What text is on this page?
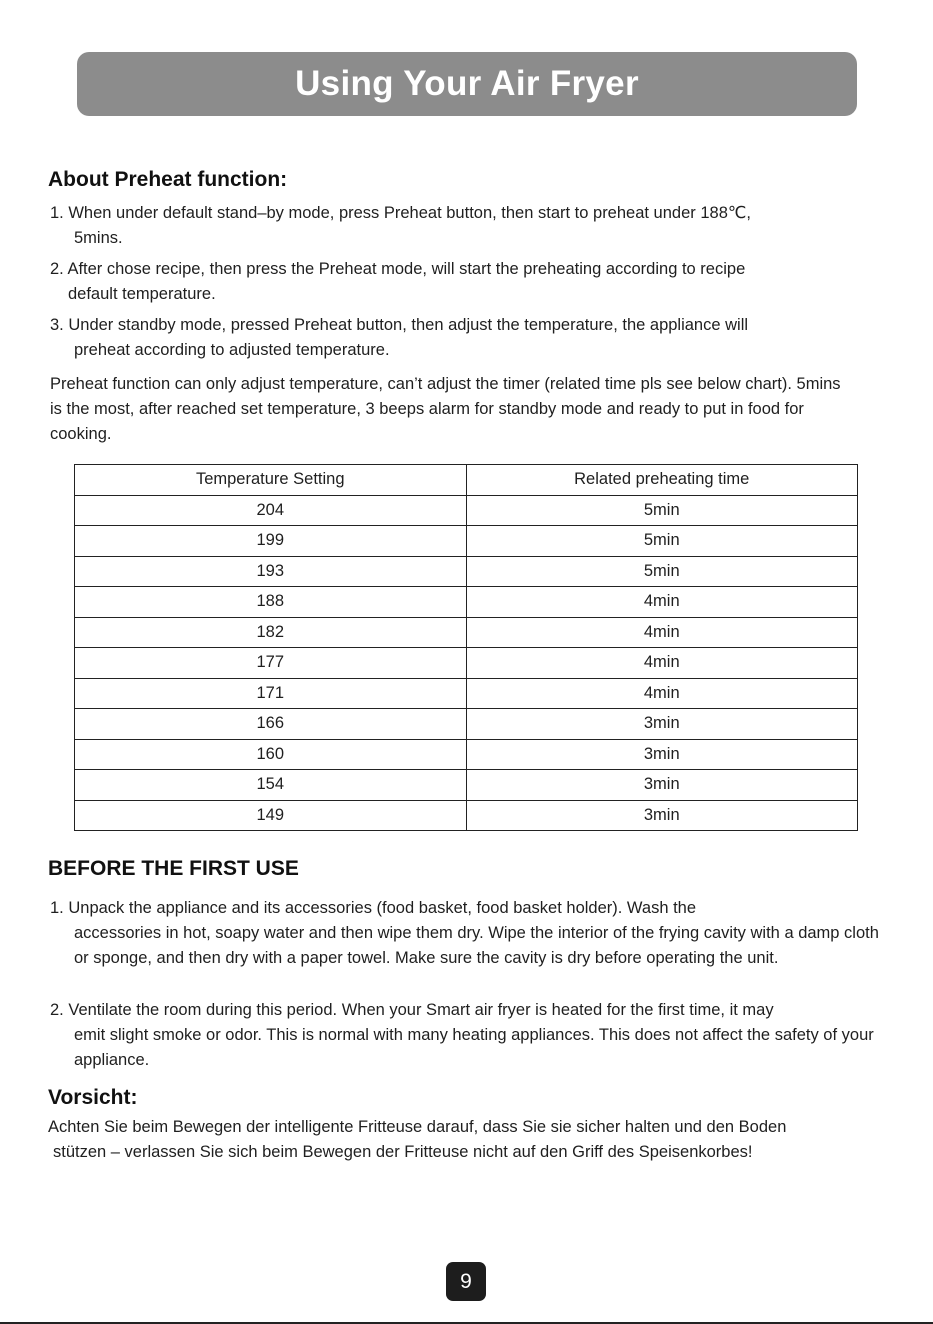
Using Your Air Fryer
About Preheat function:
1. When under default stand–by mode, press Preheat button, then start to preheat under 188℃,
5mins.
2. After chose recipe, then press the Preheat mode, will start the preheating according to recipe
default temperature.
3. Under standby mode, pressed Preheat button, then adjust the temperature, the appliance will
preheat according to adjusted temperature.

Preheat function can only adjust temperature, can’t adjust the timer (related time pls see below chart). 5mins is the most, after reached set temperature, 3 beeps alarm for standby mode and ready to put in food for cooking.

Temperature Setting	Related preheating time
204	5min
199	5min
193	5min
188	4min
182	4min
177	4min
171	4min
166	3min
160	3min
154	3min
149	3min
BEFORE THE FIRST USE
1. Unpack the appliance and its accessories (food basket, food basket holder). Wash the
accessories in hot, soapy water and then wipe them dry. Wipe the interior of the frying cavity with a damp cloth or sponge, and then dry with a paper towel. Make sure the cavity is dry before operating the unit.
2. Ventilate the room during this period. When your Smart air fryer is heated for the first time, it may
emit slight smoke or odor. This is normal with many heating appliances. This does not affect the safety of your appliance.
Vorsicht:

Achten Sie beim Bewegen der intelligente Fritteuse darauf, dass Sie sie sicher halten und den Boden

stützen – verlassen Sie sich beim Bewegen der Fritteuse nicht auf den Griff des Speisenkorbes!

9
